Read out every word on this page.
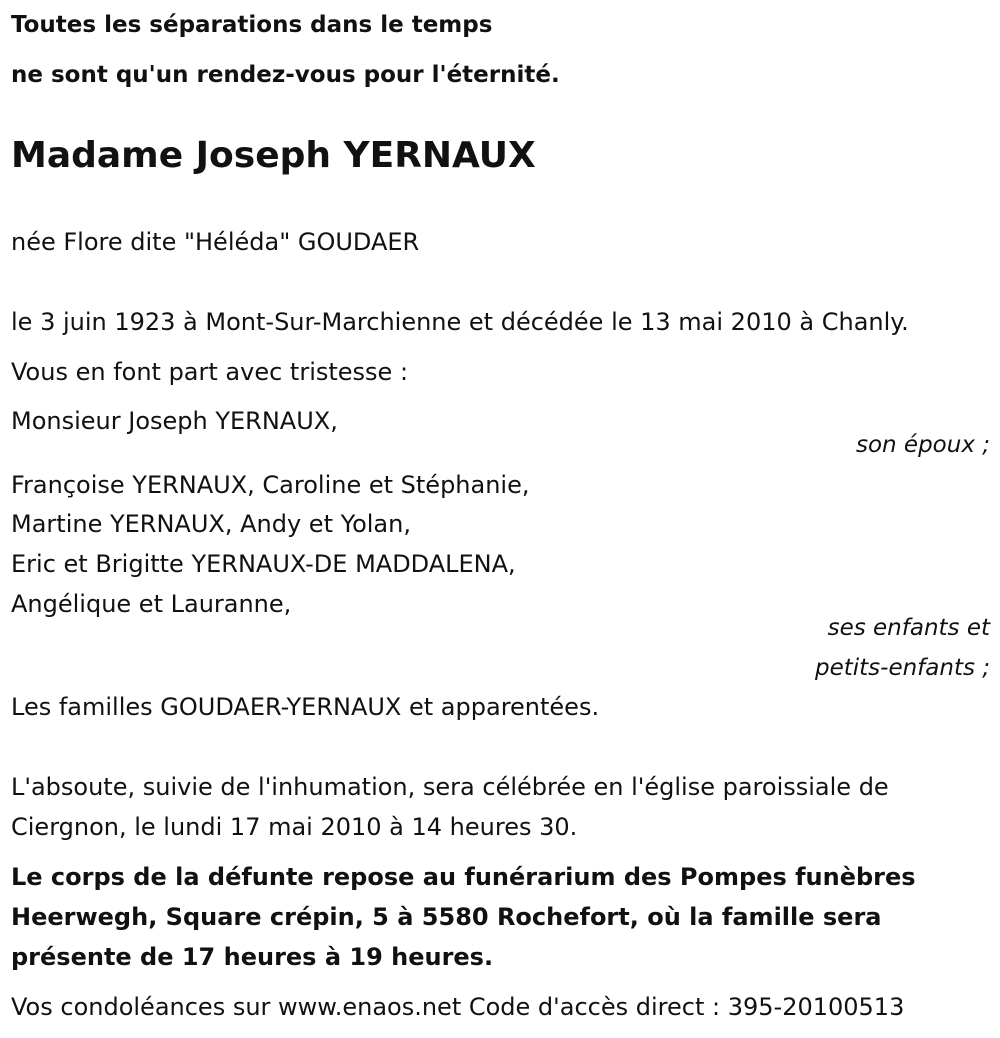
Toutes les séparations dans le temps
ne sont qu'un rendez-vous pour l'éternité.
Madame Joseph YERNAUX
née Flore dite "Héléda" GOUDAER
le 3 juin 1923 à Mont-Sur-Marchienne et décédée le 13 mai 2010 à Chanly.
Vous en font part avec tristesse :
Monsieur Joseph YERNAUX,
son époux ;
Françoise YERNAUX, Caroline et Stéphanie,
Martine YERNAUX, Andy et Yolan,
Eric et Brigitte YERNAUX-DE MADDALENA,
Angélique et Lauranne,
ses enfants et
petits-enfants ;
Les familles GOUDAER-YERNAUX et apparentées.
L'absoute, suivie de l'inhumation, sera célébrée en l'église paroissiale de
Ciergnon, le lundi 17 mai 2010 à 14 heures 30.
Le corps de la défunte repose au funérarium des Pompes funèbres
Heerwegh, Square crépin, 5 à 5580 Rochefort, où la famille sera
présente de 17 heures à 19 heures.
Vos condoléances sur www.enaos.net Code d'accès direct : 395-20100513
